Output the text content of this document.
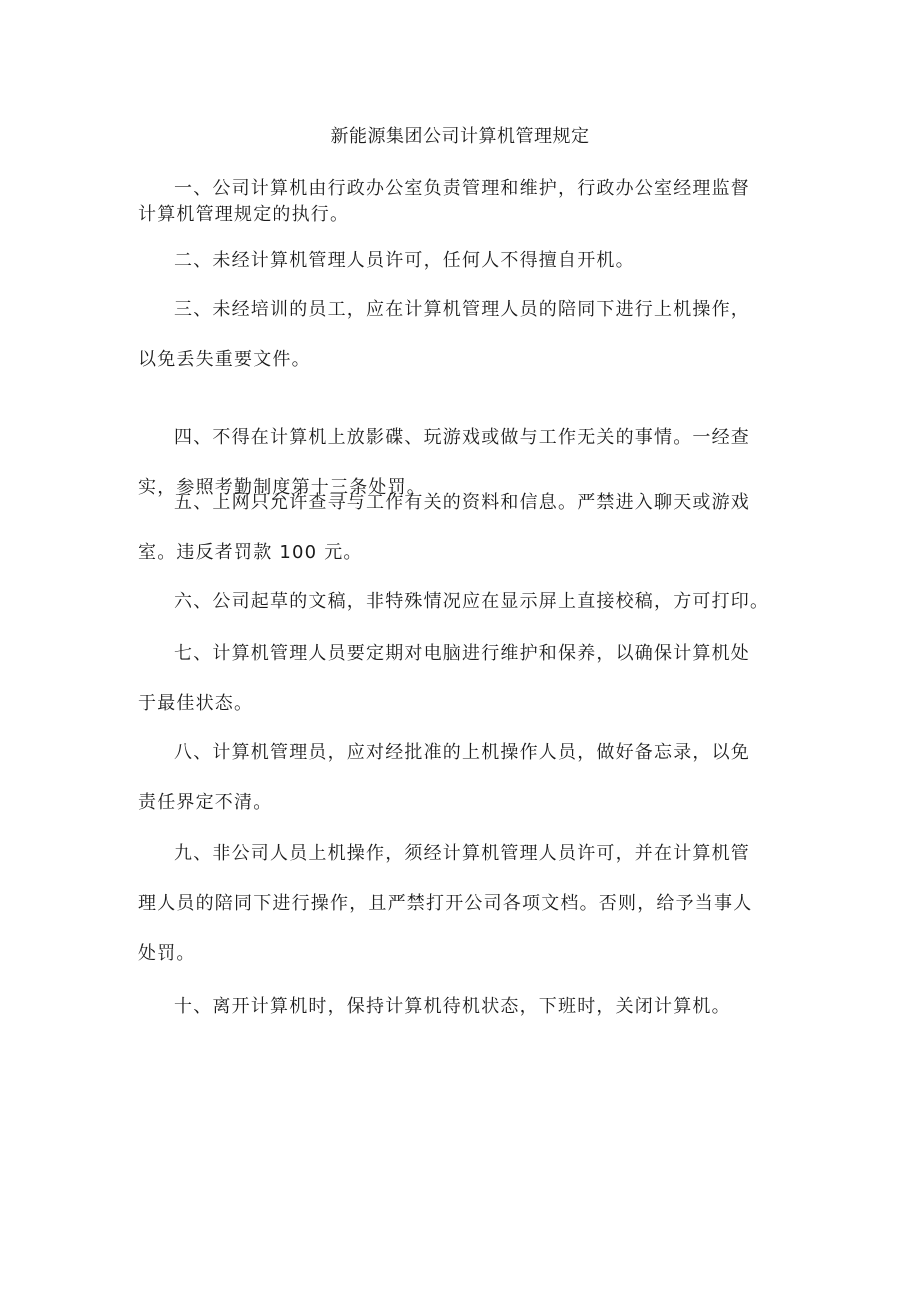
新能源集团公司计算机管理规定

一、公司计算机由行政办公室负责管理和维护，行政办公室经理监督
计算机管理规定的执行。

二、未经计算机管理人员许可，任何人不得擅自开机。

三、未经培训的员工，应在计算机管理人员的陪同下进行上机操作，
以免丢失重要文件。

四、不得在计算机上放影碟、玩游戏或做与工作无关的事情。一经查
实，参照考勤制度第十三条处罚。

五、上网只允许查寻与工作有关的资料和信息。严禁进入聊天或游戏
室。违反者罚款 100 元。

六、公司起草的文稿，非特殊情况应在显示屏上直接校稿，方可打印。

七、计算机管理人员要定期对电脑进行维护和保养，以确保计算机处
于最佳状态。

八、计算机管理员，应对经批准的上机操作人员，做好备忘录，以免
责任界定不清。

九、非公司人员上机操作，须经计算机管理人员许可，并在计算机管
理人员的陪同下进行操作，且严禁打开公司各项文档。否则，给予当事人
处罚。

十、离开计算机时，保持计算机待机状态，下班时，关闭计算机。
